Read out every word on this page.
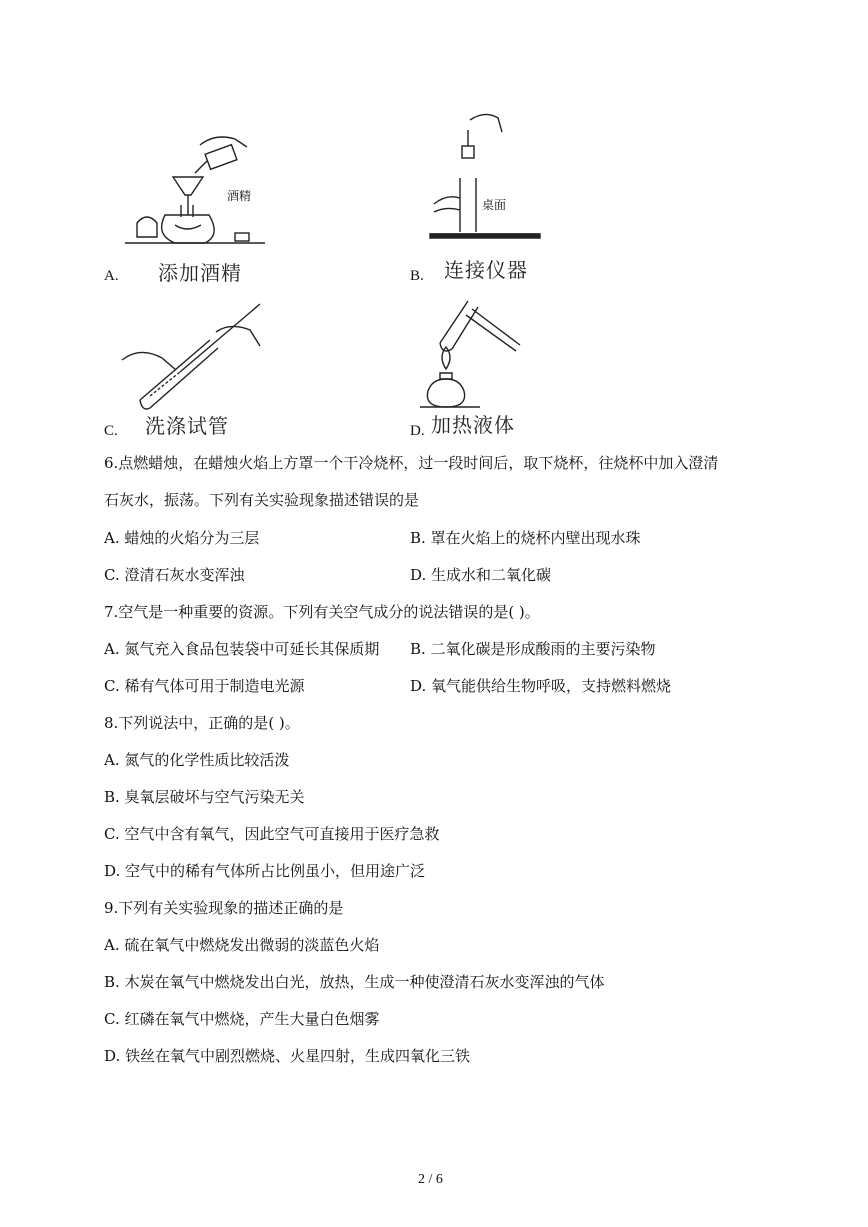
酒精
A. 添加酒精
桌面
B. 连接仪器
C. 洗涤试管	D. 加热液体
6.点燃蜡烛，在蜡烛火焰上方罩一个干冷烧杯，过一段时间后，取下烧杯，往烧杯中加入澄清
石灰水，振荡。下列有关实验现象描述错误的是
A. 蜡烛的火焰分为三层	B. 罩在火焰上的烧杯内壁出现水珠
C. 澄清石灰水变浑浊	D. 生成水和二氧化碳
7.空气是一种重要的资源。下列有关空气成分的说法错误的是( )。
A. 氮气充入食品包装袋中可延长其保质期 B. 二氧化碳是形成酸雨的主要污染物
C. 稀有气体可用于制造电光源	D. 氧气能供给生物呼吸，支持燃料燃烧
8.下列说法中，正确的是( )。
A. 氮气的化学性质比较活泼
B. 臭氧层破坏与空气污染无关
C. 空气中含有氧气，因此空气可直接用于医疗急救
D. 空气中的稀有气体所占比例虽小，但用途广泛
9.下列有关实验现象的描述正确的是
A. 硫在氧气中燃烧发出微弱的淡蓝色火焰
B. 木炭在氧气中燃烧发出白光，放热，生成一种使澄清石灰水变浑浊的气体
C. 红磷在氧气中燃烧，产生大量白色烟雾
D. 铁丝在氧气中剧烈燃烧、火星四射，生成四氧化三铁
2 / 6
